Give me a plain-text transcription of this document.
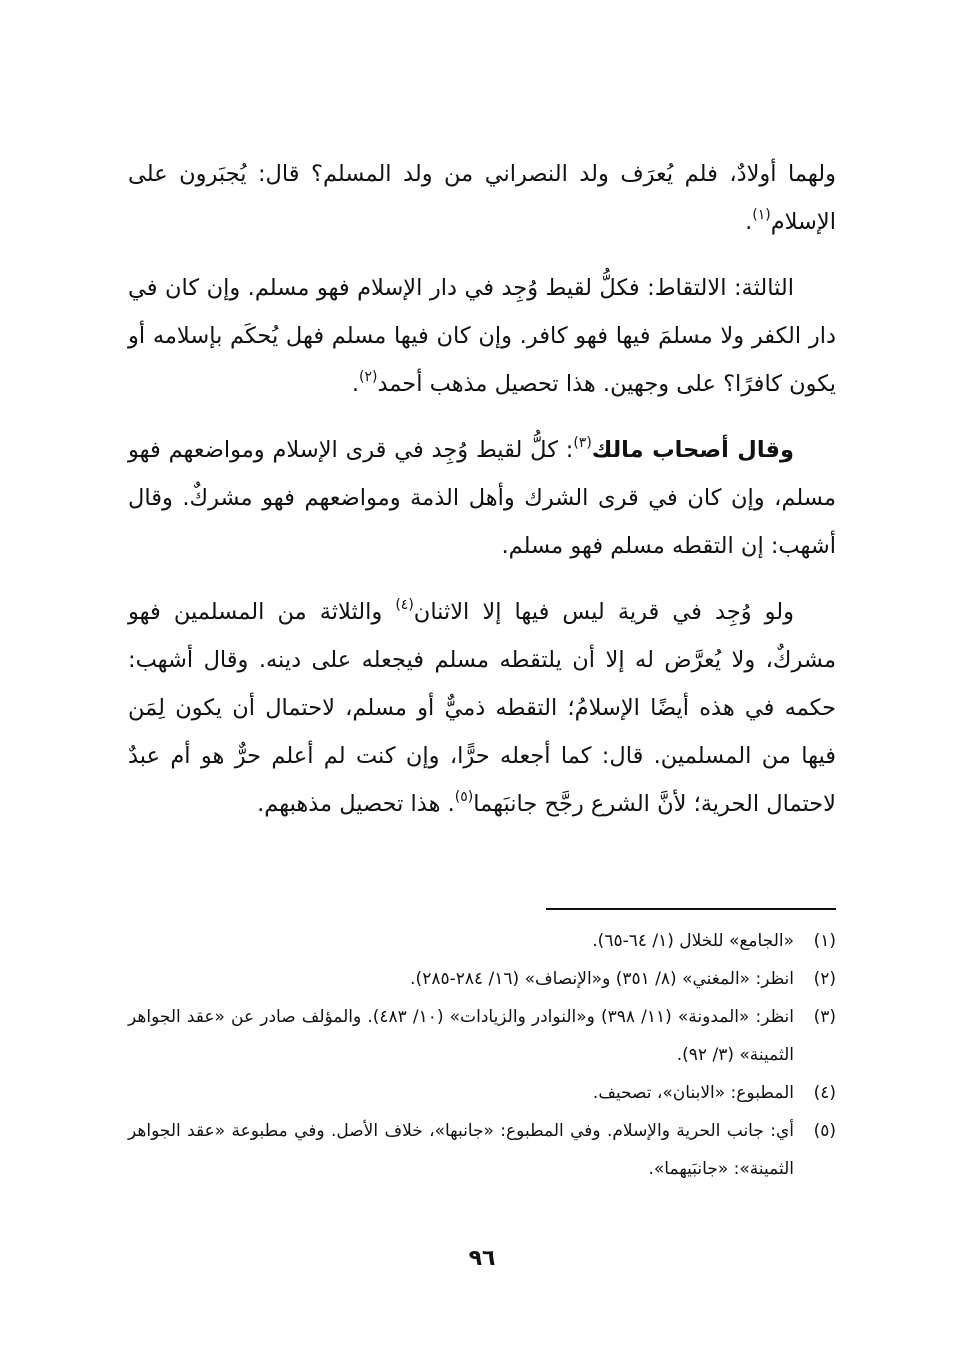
ولهما أولادٌ، فلم يُعرَف ولد النصراني من ولد المسلم؟ قال: يُجبَرون على الإسلام$^{(١)}$.

الثالثة: الالتقاط: فكلُّ لقيط وُجِد في دار الإسلام فهو مسلم. وإن كان في دار الكفر ولا مسلمَ فيها فهو كافر. وإن كان فيها مسلم فهل يُحكَم بإسلامه أو يكون كافرًا؟ على وجهين. هذا تحصيل مذهب أحمد$^{(٢)}$.

وقال أصحاب مالك$^{(٣)}$: كلُّ لقيط وُجِد في قرى الإسلام ومواضعهم فهو مسلم، وإن كان في قرى الشرك وأهل الذمة ومواضعهم فهو مشركٌ. وقال أشهب: إن التقطه مسلم فهو مسلم.

ولو وُجِد في قرية ليس فيها إلا الاثنان$^{(٤)}$ والثلاثة من المسلمين فهو مشركٌ، ولا يُعرَّض له إلا أن يلتقطه مسلم فيجعله على دينه. وقال أشهب: حكمه في هذه أيضًا الإسلامُ؛ التقطه ذميٌّ أو مسلم، لاحتمال أن يكون لِمَن فيها من المسلمين. قال: كما أجعله حرًّا، وإن كنت لم أعلم حرٌّ هو أم عبدٌ لاحتمال الحرية؛ لأنَّ الشرع رجَّح جانبَهما$^{(٥)}$. هذا تحصيل مذهبهم.

(١)
«الجامع» للخلال (١/ ٦٤-٦٥).
(٢)
انظر: «المغني» (٨/ ٣٥١) و«الإنصاف» (١٦/ ٢٨٤-٢٨٥).
(٣)
انظر: «المدونة» (١١/ ٣٩٨) و«النوادر والزيادات» (١٠/ ٤٨٣). والمؤلف صادر عن «عقد الجواهر الثمينة» (٣/ ٩٢).
(٤)
المطبوع: «الابنان»، تصحيف.
(٥)
أي: جانب الحرية والإسلام. وفي المطبوع: «جانبها»، خلاف الأصل. وفي مطبوعة «عقد الجواهر الثمينة»: «جانبَيهما».
٩٦
